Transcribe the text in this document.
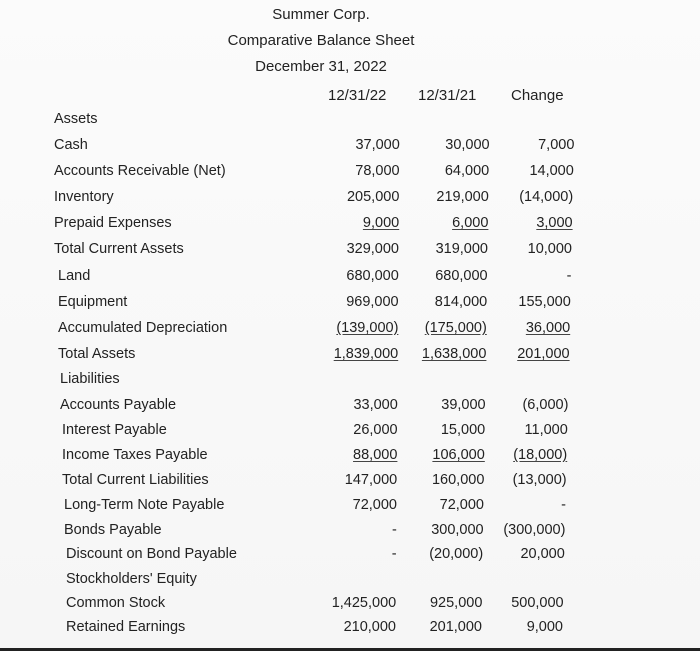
Summer Corp.
Comparative Balance Sheet
December 31, 2022
12/31/22 12/31/21 Change
Assets
Cash	37,000	30,000	7,000
Accounts Receivable (Net)	78,000	64,000	14,000
Inventory	205,000	219,000 (14,000)
Prepaid Expenses	9,000	6,000	3,000
Total Current Assets	329,000	319,000	10,000
Land	680,000	680,000	-
Equipment	969,000 814,000 155,000
Accumulated Depreciation	(139,000) (175,000)	36,000
Total Assets	1,839,000 1,638,000 201,000
Liabilities
Accounts Payable	33,000	39,000	(6,000)
Interest Payable	26,000	15,000	11,000
Income Taxes Payable	88,000 106,000 (18,000)
Total Current Liabilities	147,000 160,000 (13,000)
Long-Term Note Payable	72,000	72,000	-
Bonds Payable	- 300,000 (300,000)
Discount on Bond Payable	- (20,000)	20,000
Stockholders' Equity
Common Stock	1,425,000 925,000 500,000
Retained Earnings	210,000 201,000	9,000
